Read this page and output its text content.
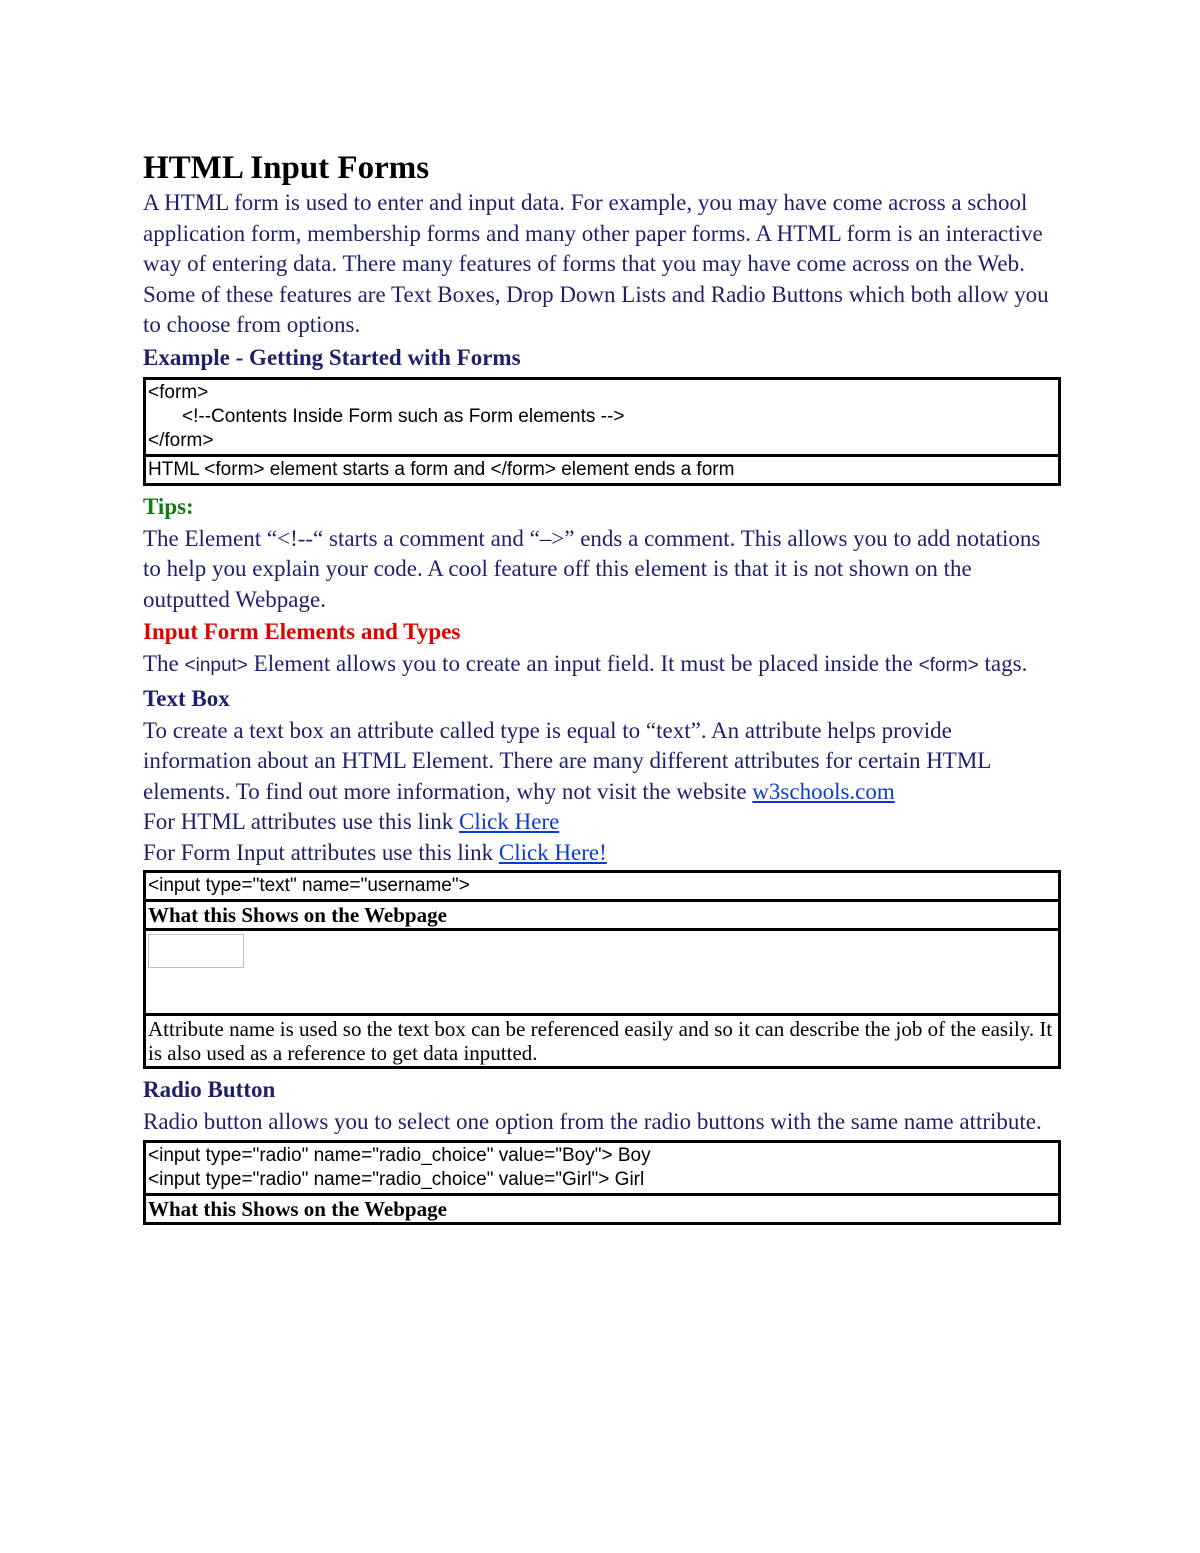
HTML Input Forms

A HTML form is used to enter and input data. For example, you may have come across a school application form, membership forms and many other paper forms. A HTML form is an interactive way of entering data. There many features of forms that you may have come across on the Web. Some of these features are Text Boxes, Drop Down Lists and Radio Buttons which both allow you to choose from options.

Example - Getting Started with Forms

<form>
<!--Contents Inside Form such as Form elements -->
</form>

HTML <form> element starts a form and </form> element ends a form

Tips:

The Element “<!--“ starts a comment and “–>” ends a comment. This allows you to add notations to help you explain your code. A cool feature off this element is that it is not shown on the outputted Webpage.

Input Form Elements and Types

The <input> Element allows you to create an input field. It must be placed inside the <form> tags.

Text Box

To create a text box an attribute called type is equal to “text”. An attribute helps provide information about an HTML Element. There are many different attributes for certain HTML elements. To find out more information, why not visit the website w3schools.com

For HTML attributes use this link Click Here

For Form Input attributes use this link Click Here!

<input type="text" name="username">
What this Shows on the Webpage

Attribute name is used so the text box can be referenced easily and so it can describe the job of the easily. It is also used as a reference to get data inputted.

Radio Button

Radio button allows you to select one option from the radio buttons with the same name attribute.

<input type="radio" name="radio_choice" value="Boy"> Boy
<input type="radio" name="radio_choice" value="Girl"> Girl

What this Shows on the Webpage
